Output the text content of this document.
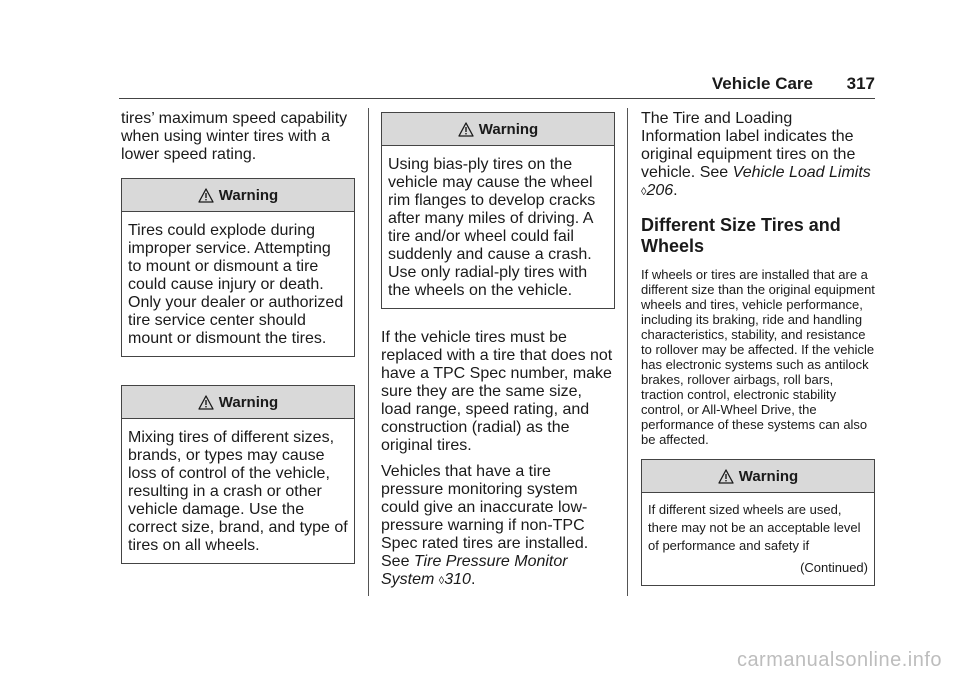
Vehicle Care 317

tires’ maximum speed capability when using winter tires with a lower speed rating.

Warning
Tires could explode during improper service. Attempting to mount or dismount a tire could cause injury or death. Only your dealer or authorized tire service center should mount or dismount the tires.
Warning
Mixing tires of different sizes, brands, or types may cause loss of control of the vehicle, resulting in a crash or other vehicle damage. Use the correct size, brand, and type of tires on all wheels.
Warning
Using bias-ply tires on the vehicle may cause the wheel rim flanges to develop cracks after many miles of driving. A tire and/or wheel could fail suddenly and cause a crash. Use only radial-ply tires with the wheels on the vehicle.

If the vehicle tires must be replaced with a tire that does not have a TPC Spec number, make sure they are the same size, load range, speed rating, and construction (radial) as the original tires.

Vehicles that have a tire pressure monitoring system could give an inaccurate low-pressure warning if non-TPC Spec rated tires are installed. See Tire Pressure Monitor System ◊310.

The Tire and Loading Information label indicates the original equipment tires on the vehicle. See Vehicle Load Limits ◊206.

Different Size Tires and Wheels

If wheels or tires are installed that are a different size than the original equipment wheels and tires, vehicle performance, including its braking, ride and handling characteristics, stability, and resistance to rollover may be affected. If the vehicle has electronic systems such as antilock brakes, rollover airbags, roll bars, traction control, electronic stability control, or All-Wheel Drive, the performance of these systems can also be affected.

Warning
If different sized wheels are used, there may not be an acceptable level of performance and safety if
(Continued)
carmanualsonline.info
